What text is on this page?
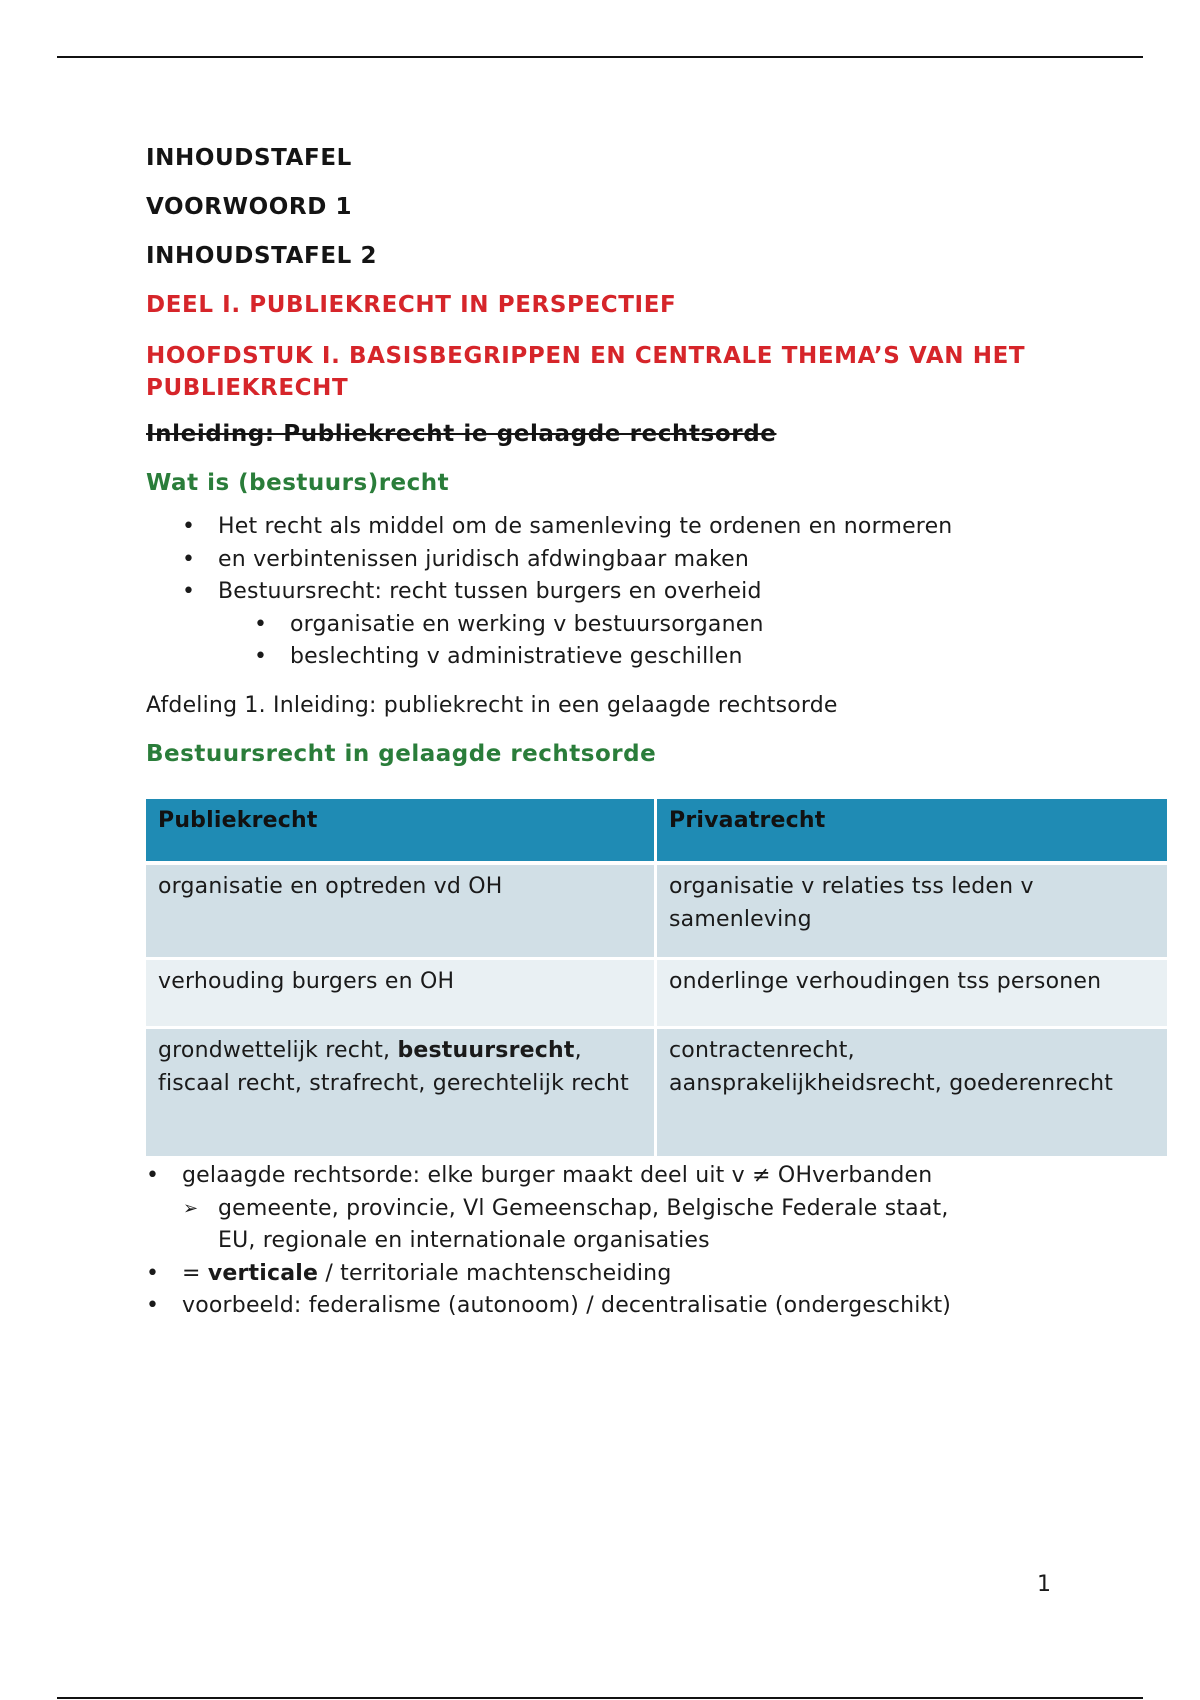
INHOUDSTAFEL
VOORWOORD 1
INHOUDSTAFEL 2
DEEL I. PUBLIEKRECHT IN PERSPECTIEF
HOOFDSTUK I. BASISBEGRIPPEN EN CENTRALE THEMA’S VAN HET
PUBLIEKRECHT
Inleiding: Publiekrecht ie gelaagde rechtsorde
Wat is (bestuurs)recht
• Het recht als middel om de samenleving te ordenen en normeren
• en verbintenissen juridisch afdwingbaar maken
• Bestuursrecht: recht tussen burgers en overheid
• organisatie en werking v bestuursorganen
• beslechting v administratieve geschillen
Afdeling 1. Inleiding: publiekrecht in een gelaagde rechtsorde
Bestuursrecht in gelaagde rechtsorde
Publiekrecht	Privaatrecht
organisatie en optreden vd OH	organisatie v relaties tss leden v samenleving
verhouding burgers en OH	onderlinge verhoudingen tss personen
grondwettelijk recht, bestuursrecht, fiscaal recht, strafrecht, gerechtelijk recht	contractenrecht,
aansprakelijkheidsrecht, goederenrecht
• gelaagde rechtsorde: elke burger maakt deel uit v ≠ OHverbanden
➢ gemeente, provincie, Vl Gemeenschap, Belgische Federale staat,
EU, regionale en internationale organisaties
• = verticale / territoriale machtenscheiding
• voorbeeld: federalisme (autonoom) / decentralisatie (ondergeschikt)
1
